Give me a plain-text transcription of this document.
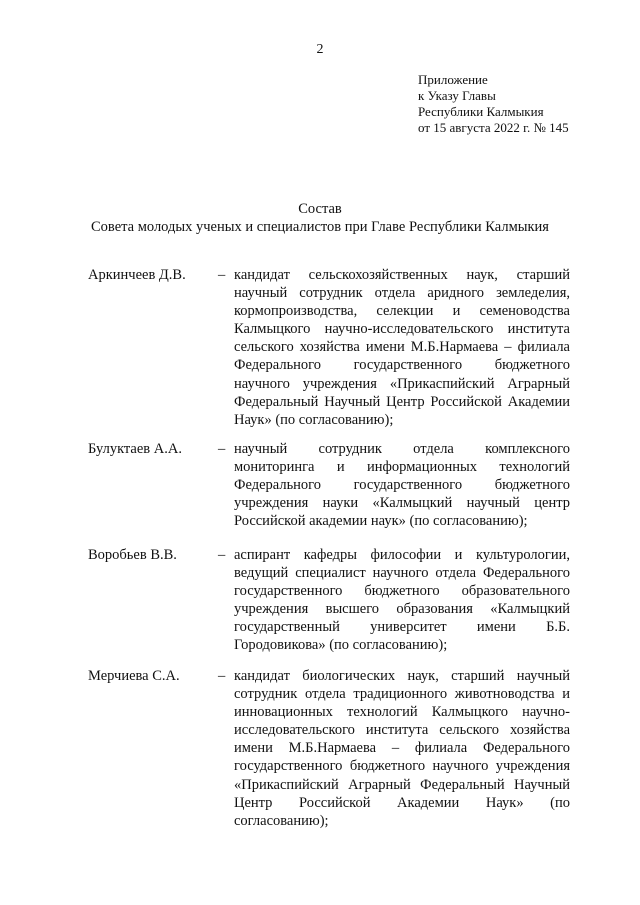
2
Приложение
к Указу Главы
Республики Калмыкия
от 15 августа 2022 г. № 145
Состав
Совета молодых ученых и специалистов при Главе Республики Калмыкия
Аркинчеев Д.В. – кандидат сельскохозяйственных наук, старший научный сотрудник отдела аридного земледелия, кормопроизводства, селекции и семеноводства Калмыцкого научно-исследовательского института сельского хозяйства имени М.Б.Нармаева – филиала Федерального государственного бюджетного научного учреждения «Прикаспийский Аграрный Федеральный Научный Центр Российской Академии Наук» (по согласованию);
Булуктаев А.А. – научный сотрудник отдела комплексного мониторинга и информационных технологий Федерального государственного бюджетного учреждения науки «Калмыцкий научный центр Российской академии наук» (по согласованию);
Воробьев В.В.	– аспирант кафедры философии и культурологии, ведущий специалист научного отдела Федерального государственного бюджетного образовательного учреждения высшего образования «Калмыцкий государственный университет имени Б.Б. Городовикова» (по согласованию);
Мерчиева С.А.	– кандидат биологических наук, старший научный сотрудник отдела традиционного животноводства и инновационных технологий Калмыцкого научно-исследовательского института сельского хозяйства имени М.Б.Нармаева – филиала Федерального государственного бюджетного научного учреждения «Прикаспийский Аграрный Федеральный Научный Центр Российской Академии Наук» (по согласованию);
